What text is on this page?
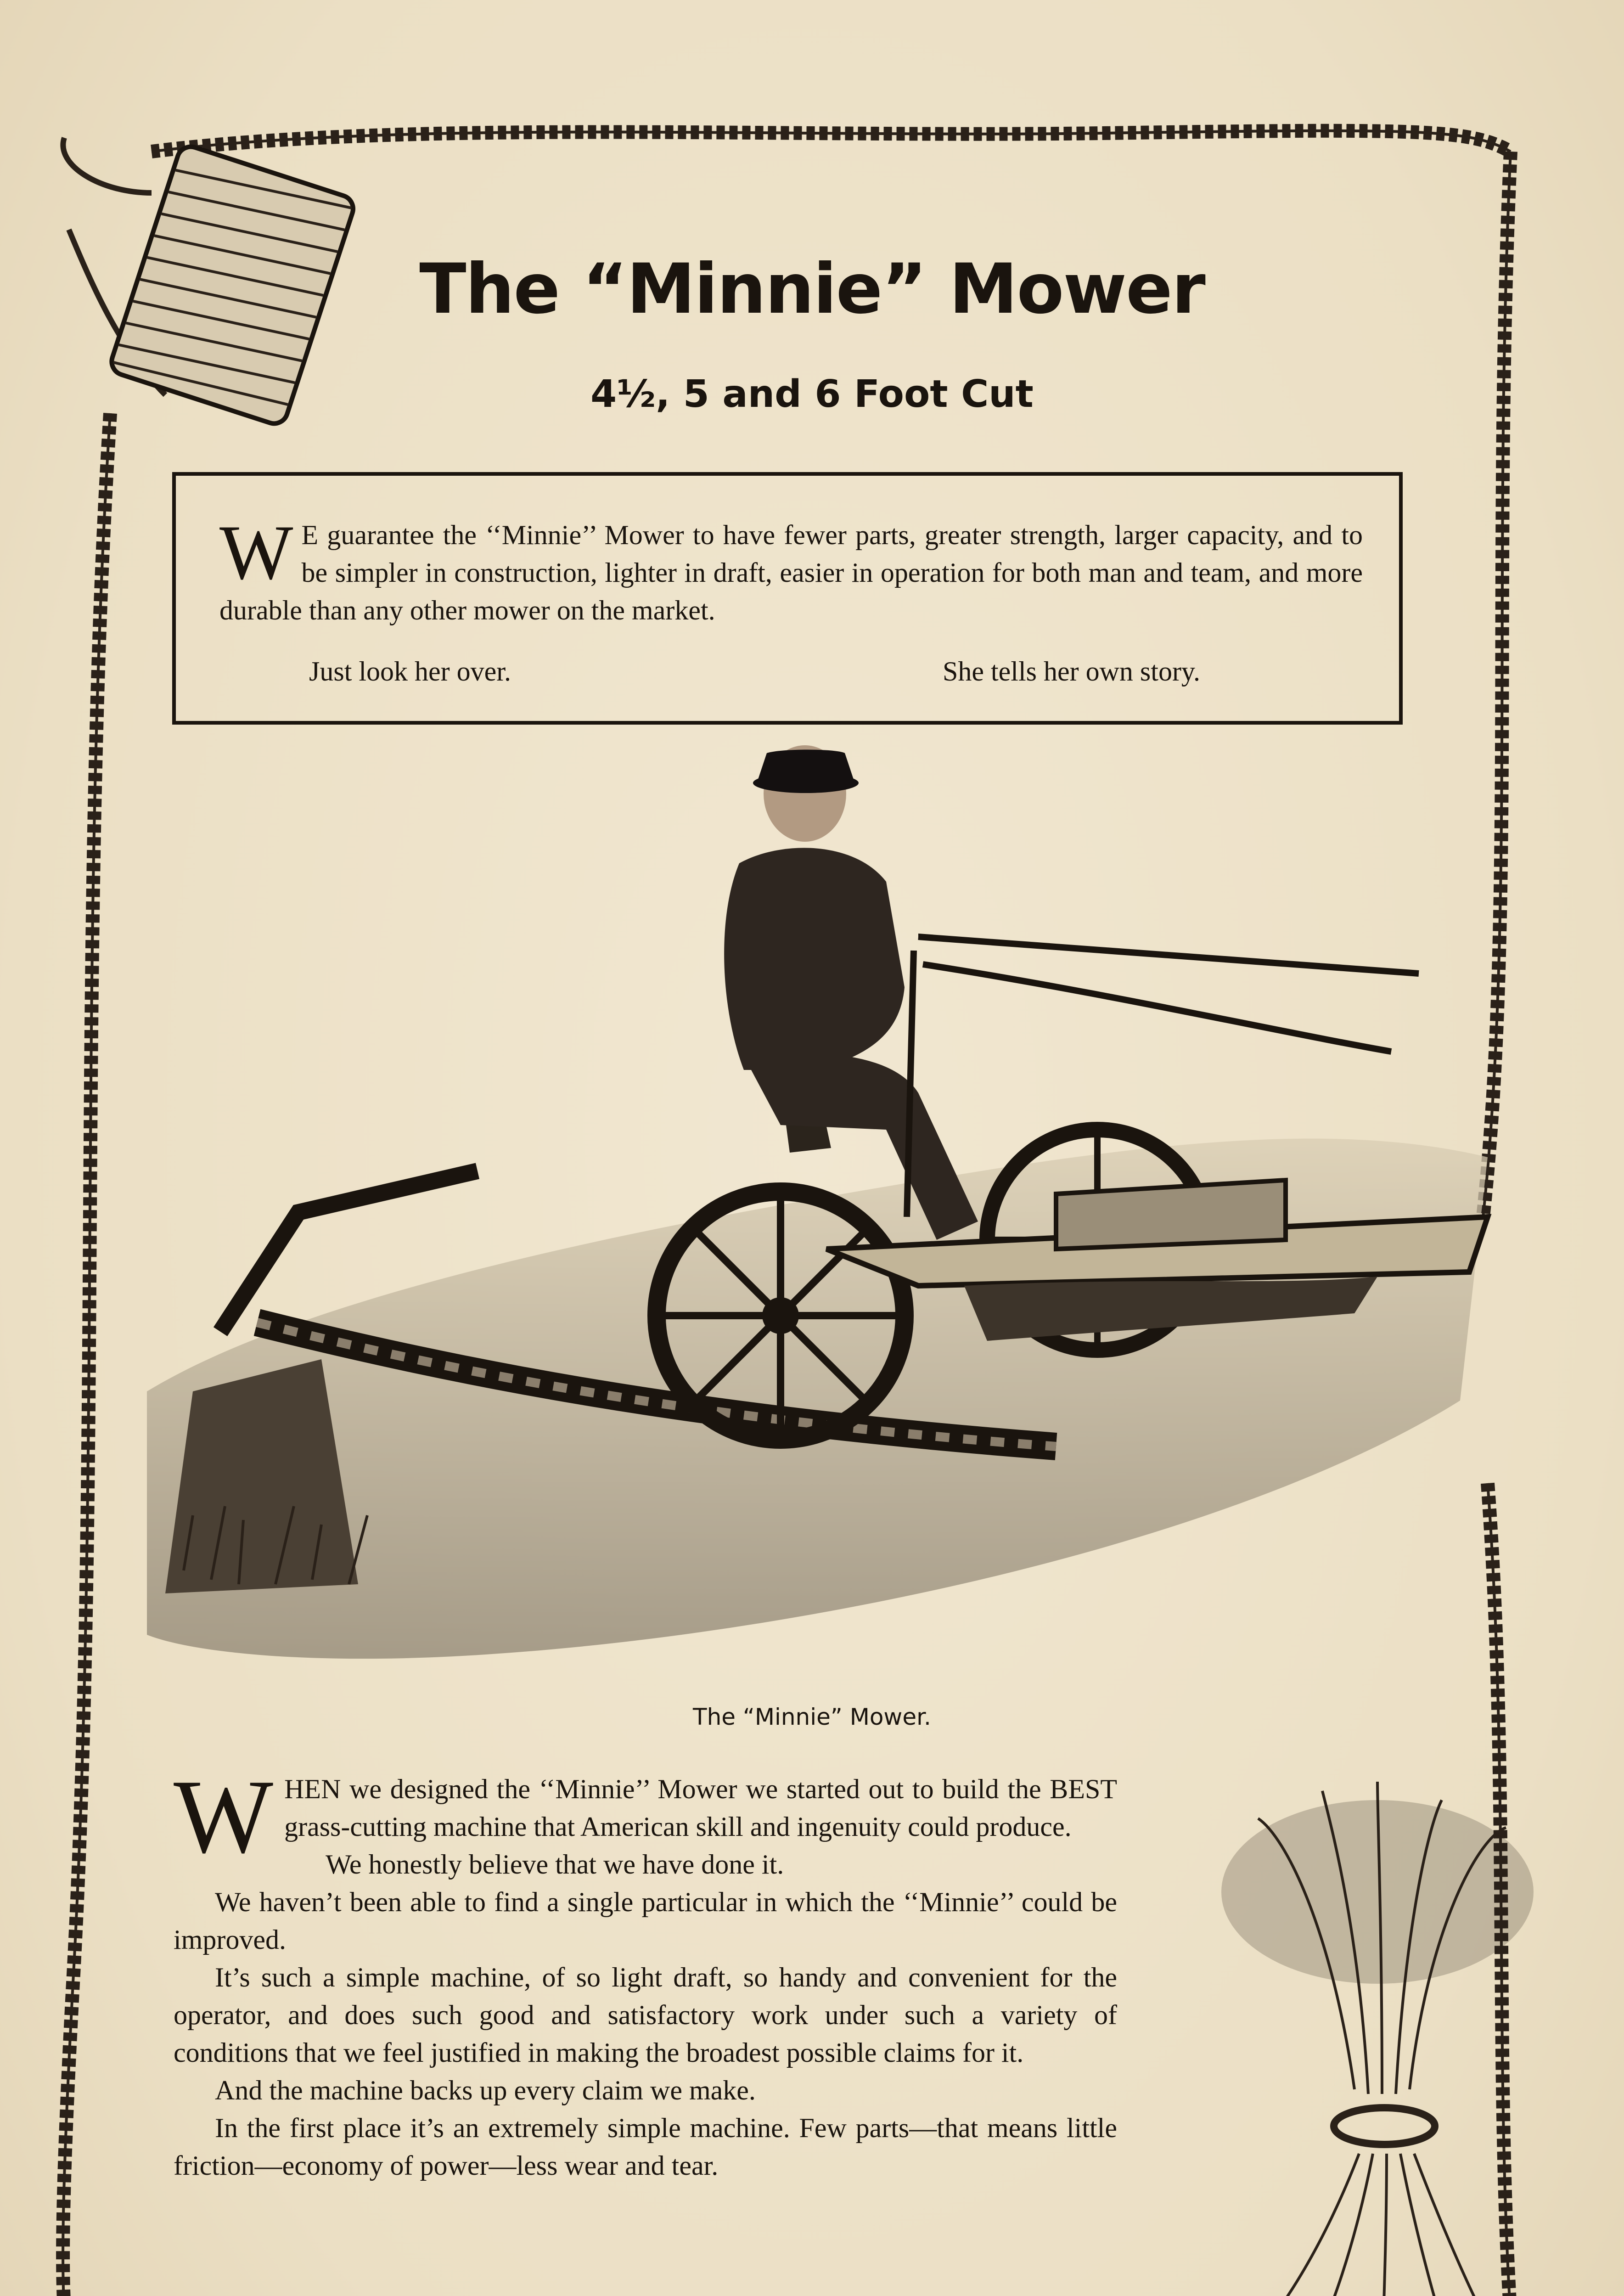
The “Minnie” Mower
4½, 5 and 6 Foot Cut

W E guarantee the ‘‘Minnie’’ Mower to have fewer parts, greater strength, larger capacity, and to be simpler in construction, lighter in draft, easier in operation for both man and team, and more durable than any other mower on the market.

Just look her over.	She tells her own story.

The “Minnie” Mower.

WHEN we designed the ‘‘Minnie’’ Mower we started out to build the BEST grass-cutting machine that American skill and ingenuity could produce.

We honestly believe that we have done it.

We haven’t been able to find a single particular in which the ‘‘Minnie’’ could be improved.

It’s such a simple machine, of so light draft, so handy and convenient for the operator, and does such good and satisfactory work under such a variety of conditions that we feel justified in making the broadest possible claims for it.

And the machine backs up every claim we make.

In the first place it’s an extremely simple machine. Few parts—that means little friction—economy of power—less wear and tear.
